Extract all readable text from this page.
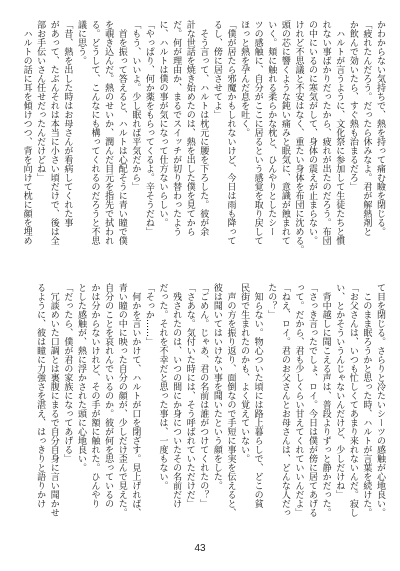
かわからない気持ちで、熱を持って痛む瞼を閉じる。
「疲れたんだろう。だったら休みなよ。君が解熱剤と
か飲んで効いたら、すぐ熱も治まるだろ」
　ハルトが言うように、文化祭に参加して生徒たちと慣
れない事ばかりだったから、疲れが出たのだろう。布団
の中にいるのに寒気がして、身体の震えが止まらない。
けれど不思議と不安はなく、重たい身体を布団に沈める。
頭の芯に響くような鈍い痛みと眠気に、意識が蝕まれて
いく。頬に触れる柔らかな枕と、ひんやりとしたシー
ツの感触に、自分がここに居るという感覚を取り戻して
ほっと熱を孕んだ息を吐く。
「僕が居たら邪魔かもしれないけど、今日は雨も降って
るし、傍に居させてよ」
　そう言って、ハルトは枕元に腰を下ろした。彼が余
計な世話を焼き始めたのは、熱を出した僕を見てから
だ。何が理由か、まるでスイッチが切り替わったよう
に、ハルトは僕の事が気になって仕方ないらしい。
「やっぱり、何か薬をもらってくるよ。辛そうだね」
「もう、いいよ。少し眠れば平気だから」
　首を振って答えると、ハルトは心配そうに青い瞳で僕
を覗き込んだ。熱のせいか、潤んだ目元を指先で拭われ
る。どうして、こんなにも構ってくれるのだろうと不思
議に思う。
「昔、熱を出した時はお母さんが看病してくれた事
があって、たぶんそれは本当に小さい頃だけで、後は全
部お手伝いさん任せだったんだけどね」
　ハルトの話に耳を傾けつつ、背を向けて枕に顔を埋め
て目を閉じる。さらりと冷たいシーツの感触が心地良い。
　このまま眠ろうかと思った時、ハルトが言葉を続けた。
「お父さんは、いつも忙しくてあまり来れないんだ。寂し
い、とかそういうんじゃないんだけど、少しだけね」
　背中越しに聞こえる声は、普段よりずっと静かだった。
「さっき言ったでしょ、ロイ。今日は僕が傍に居てあげる
って。だから、君も少しくらい甘えてくれていいんだよ」
「ねえ、ロイ。君のお父さんとお母さんは、どんな人だっ
たの？」
　知らない。物心ついた頃には路上暮らしで、どこの貧
民街で生まれたのかも、よく覚えていない。
　声の方を振り返り、面倒なので手短に事実を伝えると、
彼は聞いてはいけない事を聞いたという顔をした。
「ごめん。じゃあ、君の名前は誰がつけてくれたの？」
「さあな。気付いた時には、そう呼ばれていただけだ」
　残されたのは、いつの間にか身についたその名前だけ
だった。それを不幸だと思った事は、一度もない。
「そっか……」
　何かを言いかけて、ハルトが口を閉ざす。見上げれば、
青い瞳の中に映った自分の顔が、少しだけ歪んで見えた。
自分のことを哀れんでいるのか。彼が何を思っているの
かは分からないけれど、その手が額に触れた。ひんやり
とした感触が、熱に浮かされた頭に心地良い。
「だったら、僕が君の家族になってあげる」
　冗談めいた口調とは裏腹にまるで自分自身に言い聞かせ
るように、彼は瞳に力強さを湛え、はっきりと語りかけ
43
